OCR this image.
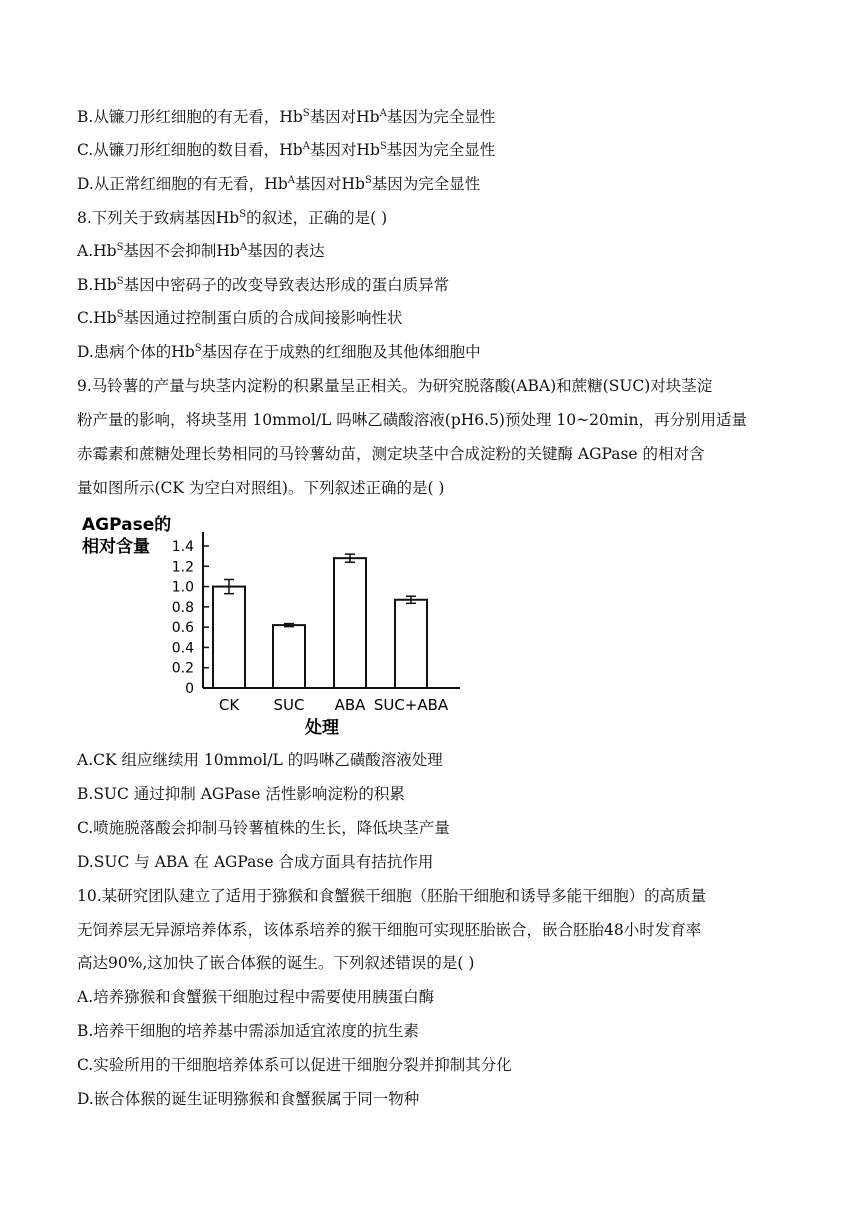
B.从镰刀形红细胞的有无看，$Hb^S$基因对$Hb^A$基因为完全显性
C.从镰刀形红细胞的数目看，$Hb^A$基因对$Hb^S$基因为完全显性
D.从正常红细胞的有无看，$Hb^A$基因对$Hb^S$基因为完全显性
8.下列关于致病基因$Hb^S$的叙述，正确的是( )
$A.Hb^S$基因不会抑制$Hb^A$基因的表达
$B.Hb^S$基因中密码子的改变导致表达形成的蛋白质异常
$C.Hb^S$基因通过控制蛋白质的合成间接影响性状
D.患病个体的$Hb^S$基因存在于成熟的红细胞及其他体细胞中
9.马铃薯的产量与块茎内淀粉的积累量呈正相关。为研究脱落酸(ABA)和蔗糖(SUC)对块茎淀
粉产量的影响，将块茎用 10mmol/L 吗啉乙磺酸溶液(pH6.5)预处理 10~20min，再分别用适量
赤霉素和蔗糖处理长势相同的马铃薯幼苗，测定块茎中合成淀粉的关键酶 AGPase 的相对含
量如图所示(CK 为空白对照组)。下列叙述正确的是( )
AGPase的
相对含量
0
0.2
0.4
0.6
0.8
1.0
1.2
1.4
CK SUC ABA SUC+ABA
处理
A.CK 组应继续用 10mmol/L 的吗啉乙磺酸溶液处理
B.SUC 通过抑制 AGPase 活性影响淀粉的积累
C.喷施脱落酸会抑制马铃薯植株的生长，降低块茎产量
D.SUC 与 ABA 在 AGPase 合成方面具有拮抗作用
10.某研究团队建立了适用于猕猴和食蟹猴干细胞（胚胎干细胞和诱导多能干细胞）的高质量
无饲养层无异源培养体系，该体系培养的猴干细胞可实现胚胎嵌合，嵌合胚胎48小时发育率
高达90%,这加快了嵌合体猴的诞生。下列叙述错误的是( )
A.培养猕猴和食蟹猴干细胞过程中需要使用胰蛋白酶
B.培养干细胞的培养基中需添加适宜浓度的抗生素
C.实验所用的干细胞培养体系可以促进干细胞分裂并抑制其分化
D.嵌合体猴的诞生证明猕猴和食蟹猴属于同一物种
